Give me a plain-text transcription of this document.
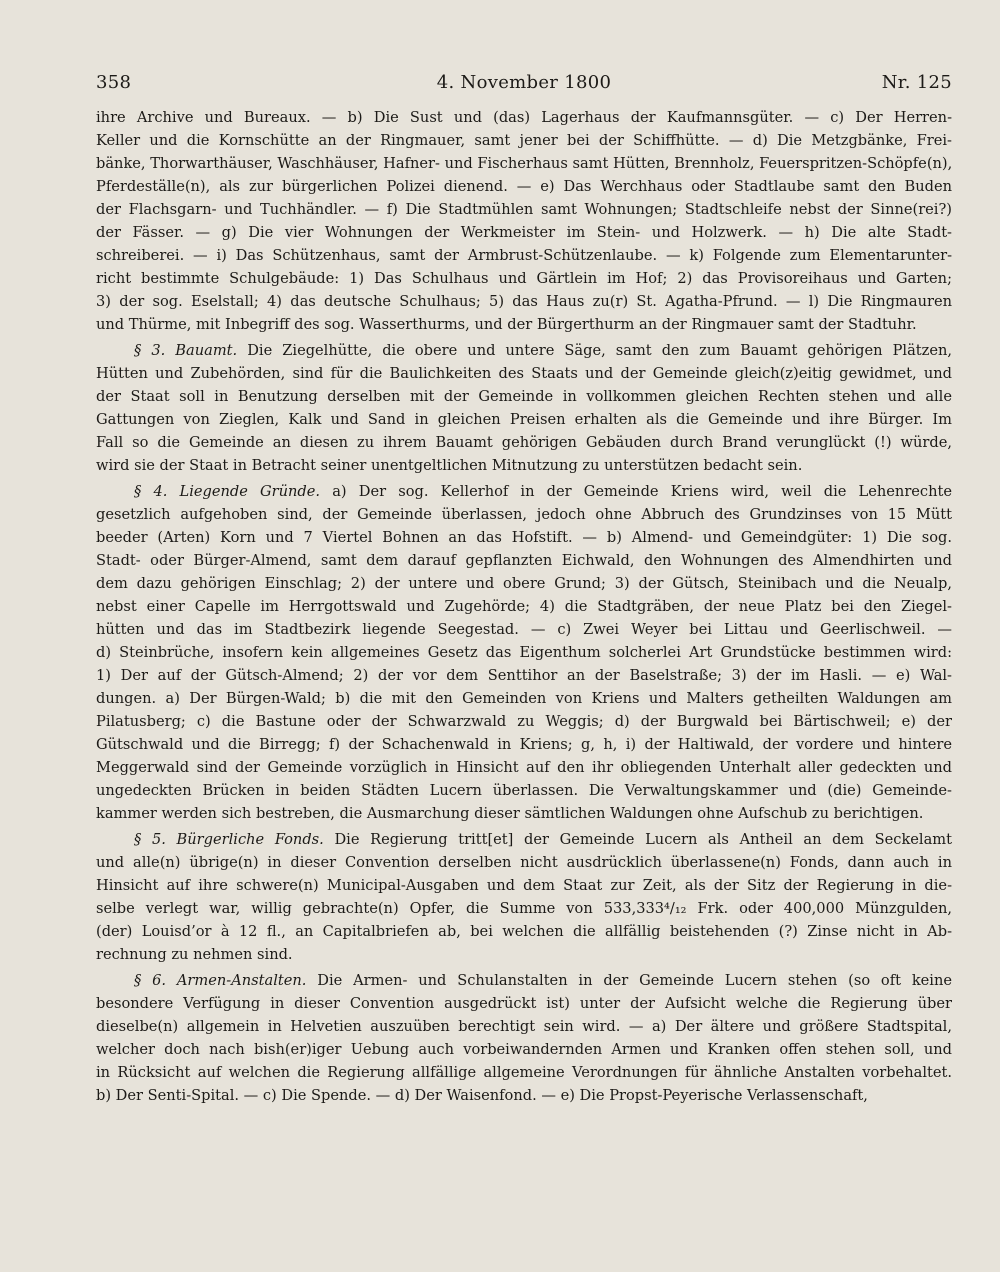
358	4. November 1800	Nr. 125
ihre Archive und Bureaux. — b) Die Sust und (das) Lagerhaus der Kaufmannsgüter. — c) Der Herren-
Keller und die Kornschütte an der Ringmauer, samt jener bei der Schiffhütte. — d) Die Metzgbänke, Frei-
bänke, Thorwarthäuser, Waschhäuser, Hafner- und Fischerhaus samt Hütten, Brennholz, Feuerspritzen-Schöpfe(n),
Pferdeställe(n), als zur bürgerlichen Polizei dienend. — e) Das Werchhaus oder Stadtlaube samt den Buden
der Flachsgarn- und Tuchhändler. — f) Die Stadtmühlen samt Wohnungen; Stadtschleife nebst der Sinne(rei?)
der Fässer. — g) Die vier Wohnungen der Werkmeister im Stein- und Holzwerk. — h) Die alte Stadt-
schreiberei. — i) Das Schützenhaus, samt der Armbrust-Schützenlaube. — k) Folgende zum Elementarunter-
richt bestimmte Schulgebäude: 1) Das Schulhaus und Gärtlein im Hof; 2) das Provisoreihaus und Garten;
3) der sog. Eselstall; 4) das deutsche Schulhaus; 5) das Haus zu(r) St. Agatha-Pfrund. — l) Die Ringmauren
und Thürme, mit Inbegriff des sog. Wasserthurms, und der Bürgerthurm an der Ringmauer samt der Stadtuhr.
§ 3. Bauamt. Die Ziegelhütte, die obere und untere Säge, samt den zum Bauamt gehörigen Plätzen,
Hütten und Zubehörden, sind für die Baulichkeiten des Staats und der Gemeinde gleich(z)eitig gewidmet, und
der Staat soll in Benutzung derselben mit der Gemeinde in vollkommen gleichen Rechten stehen und alle
Gattungen von Zieglen, Kalk und Sand in gleichen Preisen erhalten als die Gemeinde und ihre Bürger. Im
Fall so die Gemeinde an diesen zu ihrem Bauamt gehörigen Gebäuden durch Brand verunglückt (!) würde,
wird sie der Staat in Betracht seiner unentgeltlichen Mitnutzung zu unterstützen bedacht sein.
§ 4. Liegende Gründe. a) Der sog. Kellerhof in der Gemeinde Kriens wird, weil die Lehenrechte
gesetzlich aufgehoben sind, der Gemeinde überlassen, jedoch ohne Abbruch des Grundzinses von 15 Mütt
beeder (Arten) Korn und 7 Viertel Bohnen an das Hofstift. — b) Almend- und Gemeindgüter: 1) Die sog.
Stadt- oder Bürger-Almend, samt dem darauf gepflanzten Eichwald, den Wohnungen des Almendhirten und
dem dazu gehörigen Einschlag; 2) der untere und obere Grund; 3) der Gütsch, Steinibach und die Neualp,
nebst einer Capelle im Herrgottswald und Zugehörde; 4) die Stadtgräben, der neue Platz bei den Ziegel-
hütten und das im Stadtbezirk liegende Seegestad. — c) Zwei Weyer bei Littau und Geerlischweil. —
d) Steinbrüche, insofern kein allgemeines Gesetz das Eigenthum solcherlei Art Grundstücke bestimmen wird:
1) Der auf der Gütsch-Almend; 2) der vor dem Senttihor an der Baselstraße; 3) der im Hasli. — e) Wal-
dungen. a) Der Bürgen-Wald; b) die mit den Gemeinden von Kriens und Malters getheilten Waldungen am
Pilatusberg; c) die Bastune oder der Schwarzwald zu Weggis; d) der Burgwald bei Bärtischweil; e) der
Gütschwald und die Birregg; f) der Schachenwald in Kriens; g, h, i) der Haltiwald, der vordere und hintere
Meggerwald sind der Gemeinde vorzüglich in Hinsicht auf den ihr obliegenden Unterhalt aller gedeckten und
ungedeckten Brücken in beiden Städten Lucern überlassen. Die Verwaltungskammer und (die) Gemeinde-
kammer werden sich bestreben, die Ausmarchung dieser sämtlichen Waldungen ohne Aufschub zu berichtigen.
§ 5. Bürgerliche Fonds. Die Regierung tritt[et] der Gemeinde Lucern als Antheil an dem Seckelamt
und alle(n) übrige(n) in dieser Convention derselben nicht ausdrücklich überlassene(n) Fonds, dann auch in
Hinsicht auf ihre schwere(n) Municipal-Ausgaben und dem Staat zur Zeit, als der Sitz der Regierung in die-
selbe verlegt war, willig gebrachte(n) Opfer, die Summe von 533,333⁴/₁₂ Frk. oder 400,000 Münzgulden,
(der) Louisd’or à 12 fl., an Capitalbriefen ab, bei welchen die allfällig beistehenden (?) Zinse nicht in Ab-
rechnung zu nehmen sind.
§ 6. Armen-Anstalten. Die Armen- und Schulanstalten in der Gemeinde Lucern stehen (so oft keine
besondere Verfügung in dieser Convention ausgedrückt ist) unter der Aufsicht welche die Regierung über
dieselbe(n) allgemein in Helvetien auszuüben berechtigt sein wird. — a) Der ältere und größere Stadtspital,
welcher doch nach bish(er)iger Uebung auch vorbeiwandernden Armen und Kranken offen stehen soll, und
in Rücksicht auf welchen die Regierung allfällige allgemeine Verordnungen für ähnliche Anstalten vorbehaltet.
b) Der Senti-Spital. — c) Die Spende. — d) Der Waisenfond. — e) Die Propst-Peyerische Verlassenschaft,
